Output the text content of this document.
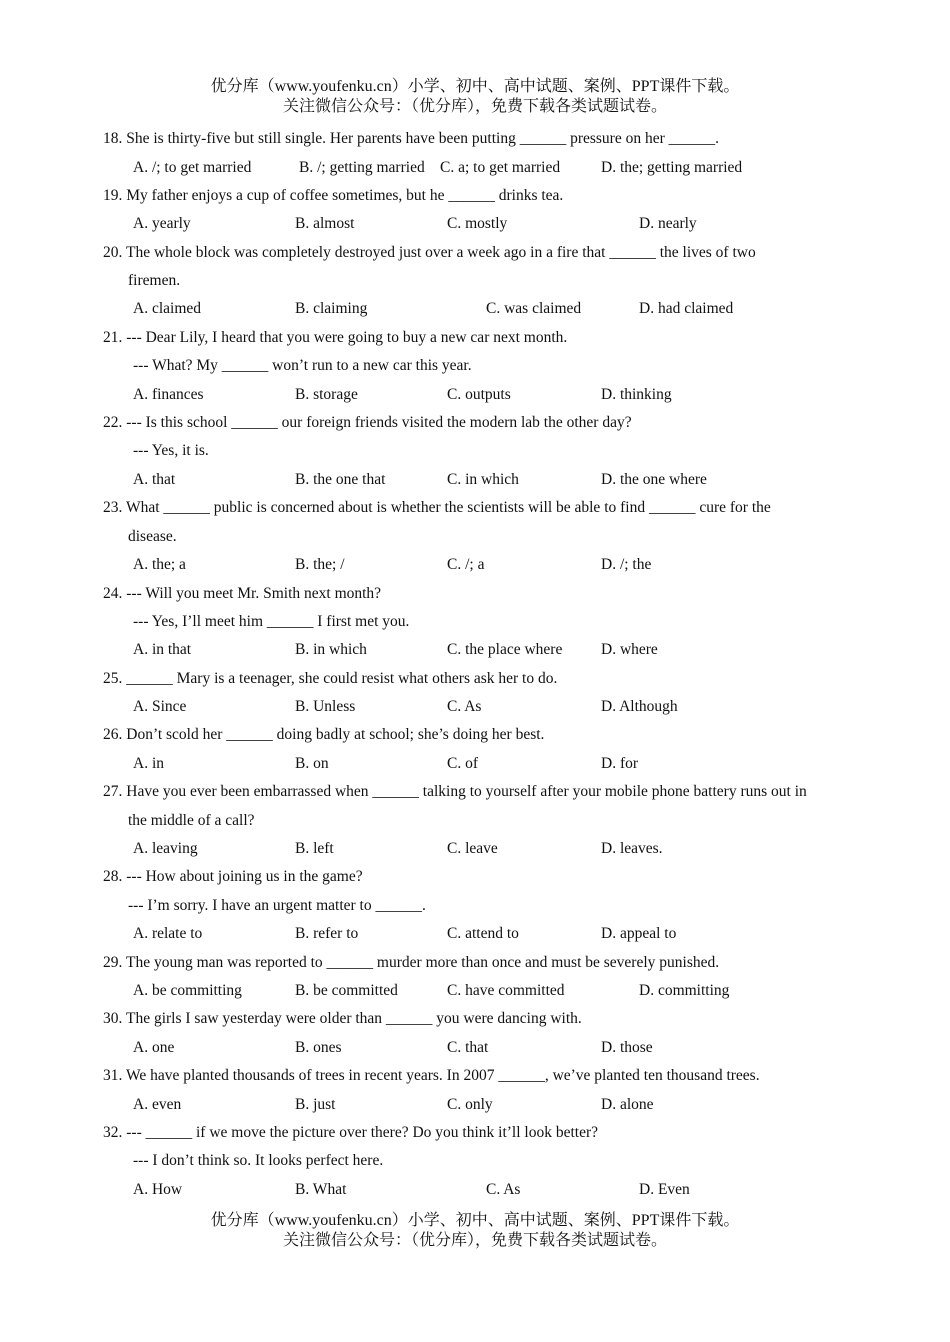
优分库（www.youfenku.cn）小学、初中、高中试题、案例、PPT课件下载。
关注微信公众号：（优分库），免费下载各类试题试卷。
18. She is thirty-five but still single. Her parents have been putting ______ pressure on her ______.
A. /; to get married	B. /; getting married C. a; to get married	D. the; getting married
19. My father enjoys a cup of coffee sometimes, but he ______ drinks tea.
A. yearly	B. almost	C. mostly	D. nearly
20. The whole block was completely destroyed just over a week ago in a fire that ______ the lives of two
firemen.
A. claimed	B. claiming	C. was claimed	D. had claimed
21. --- Dear Lily, I heard that you were going to buy a new car next month.
--- What? My ______ won’t run to a new car this year.
A. finances	B. storage	C. outputs	D. thinking
22. --- Is this school ______ our foreign friends visited the modern lab the other day?
--- Yes, it is.
A. that	B. the one that	C. in which	D. the one where
23. What ______ public is concerned about is whether the scientists will be able to find ______ cure for the
disease.
A. the; a	B. the; /	C. /; a	D. /; the
24. --- Will you meet Mr. Smith next month?
--- Yes, I’ll meet him ______ I first met you.
A. in that	B. in which	C. the place where D. where
25. ______ Mary is a teenager, she could resist what others ask her to do.
A. Since	B. Unless	C. As	D. Although
26. Don’t scold her ______ doing badly at school; she’s doing her best.
A. in	B. on	C. of	D. for
27. Have you ever been embarrassed when ______ talking to yourself after your mobile phone battery runs out in
the middle of a call?
A. leaving	B. left	C. leave	D. leaves.
28. --- How about joining us in the game?
--- I’m sorry. I have an urgent matter to ______.
A. relate to	B. refer to	C. attend to	D. appeal to
29. The young man was reported to ______ murder more than once and must be severely punished.
A. be committing	B. be committed	C. have committed	D. committing
30. The girls I saw yesterday were older than ______ you were dancing with.
A. one	B. ones	C. that	D. those
31. We have planted thousands of trees in recent years. In 2007 ______, we’ve planted ten thousand trees.
A. even	B. just	C. only	D. alone
32. --- ______ if we move the picture over there? Do you think it’ll look better?
--- I don’t think so. It looks perfect here.
A. How	B. What	C. As	D. Even
优分库（www.youfenku.cn）小学、初中、高中试题、案例、PPT课件下载。
关注微信公众号：（优分库），免费下载各类试题试卷。
